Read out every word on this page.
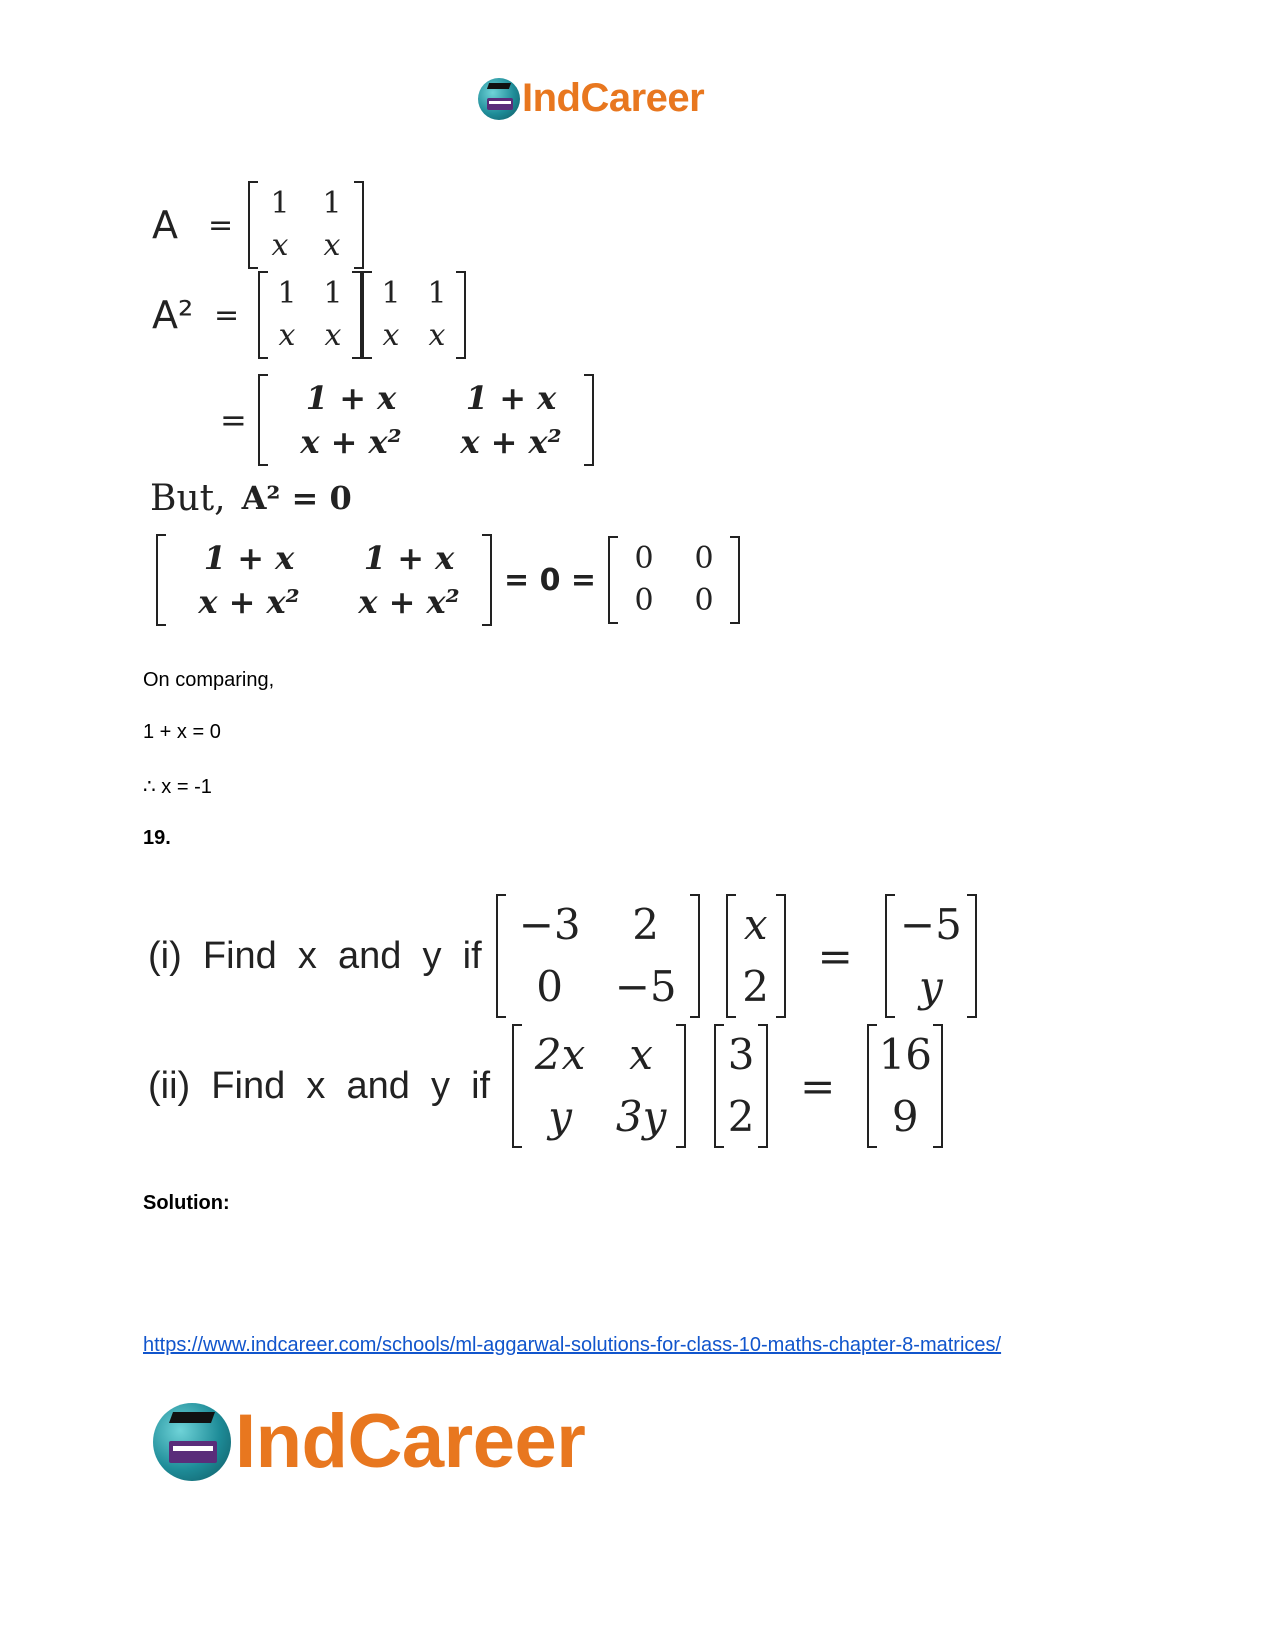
IndCareer
A	=
1	1
x	x
A² =
1 1
x x
1 1
x x
=
1 + x	1 + x
x + x²	x + x²
But, A² = 0
1 + x	1 + x
x + x²	x + x²
= 0 =
0	0
0	0
On comparing,
1 + x = 0
∴ x = -1
19.
(i)  Find  x  and  y  if
−3	2
0	−5
x
2
=
−5
y
(ii)  Find  x  and  y  if
2x	x
y	3y
3
2
=
16
9
Solution:
https://www.indcareer.com/schools/ml-aggarwal-solutions-for-class-10-maths-chapter-8-matrices/
IndCareer
